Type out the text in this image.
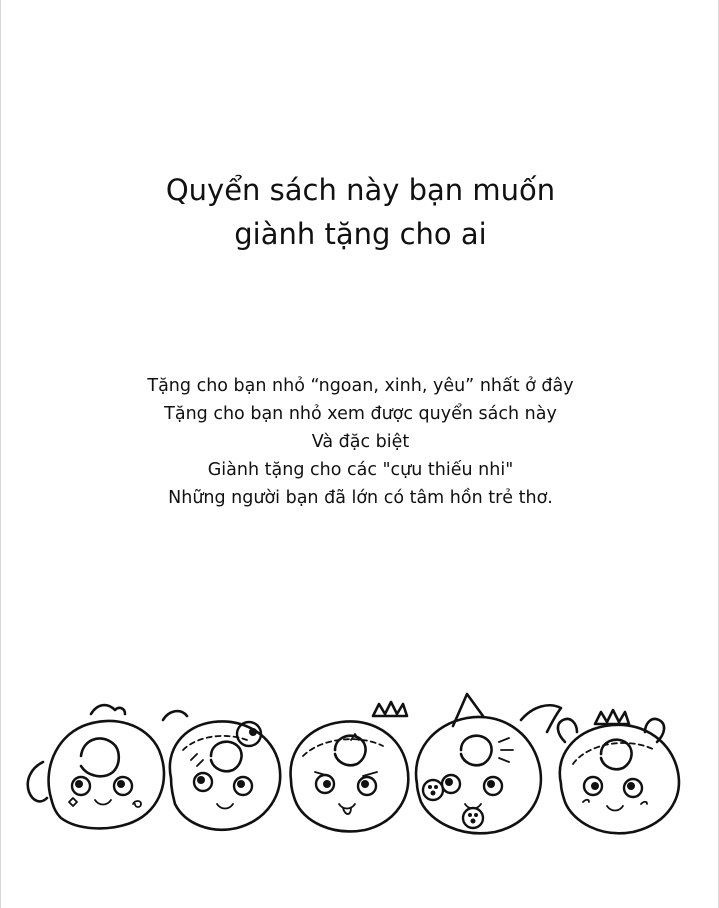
Quyển sách này bạn muốn
giành tặng cho ai
Tặng cho bạn nhỏ “ngoan, xinh, yêu” nhất ở đây
Tặng cho bạn nhỏ xem được quyển sách này
Và đặc biệt
Giành tặng cho các "cựu thiếu nhi"
Những người bạn đã lớn có tâm hồn trẻ thơ.
